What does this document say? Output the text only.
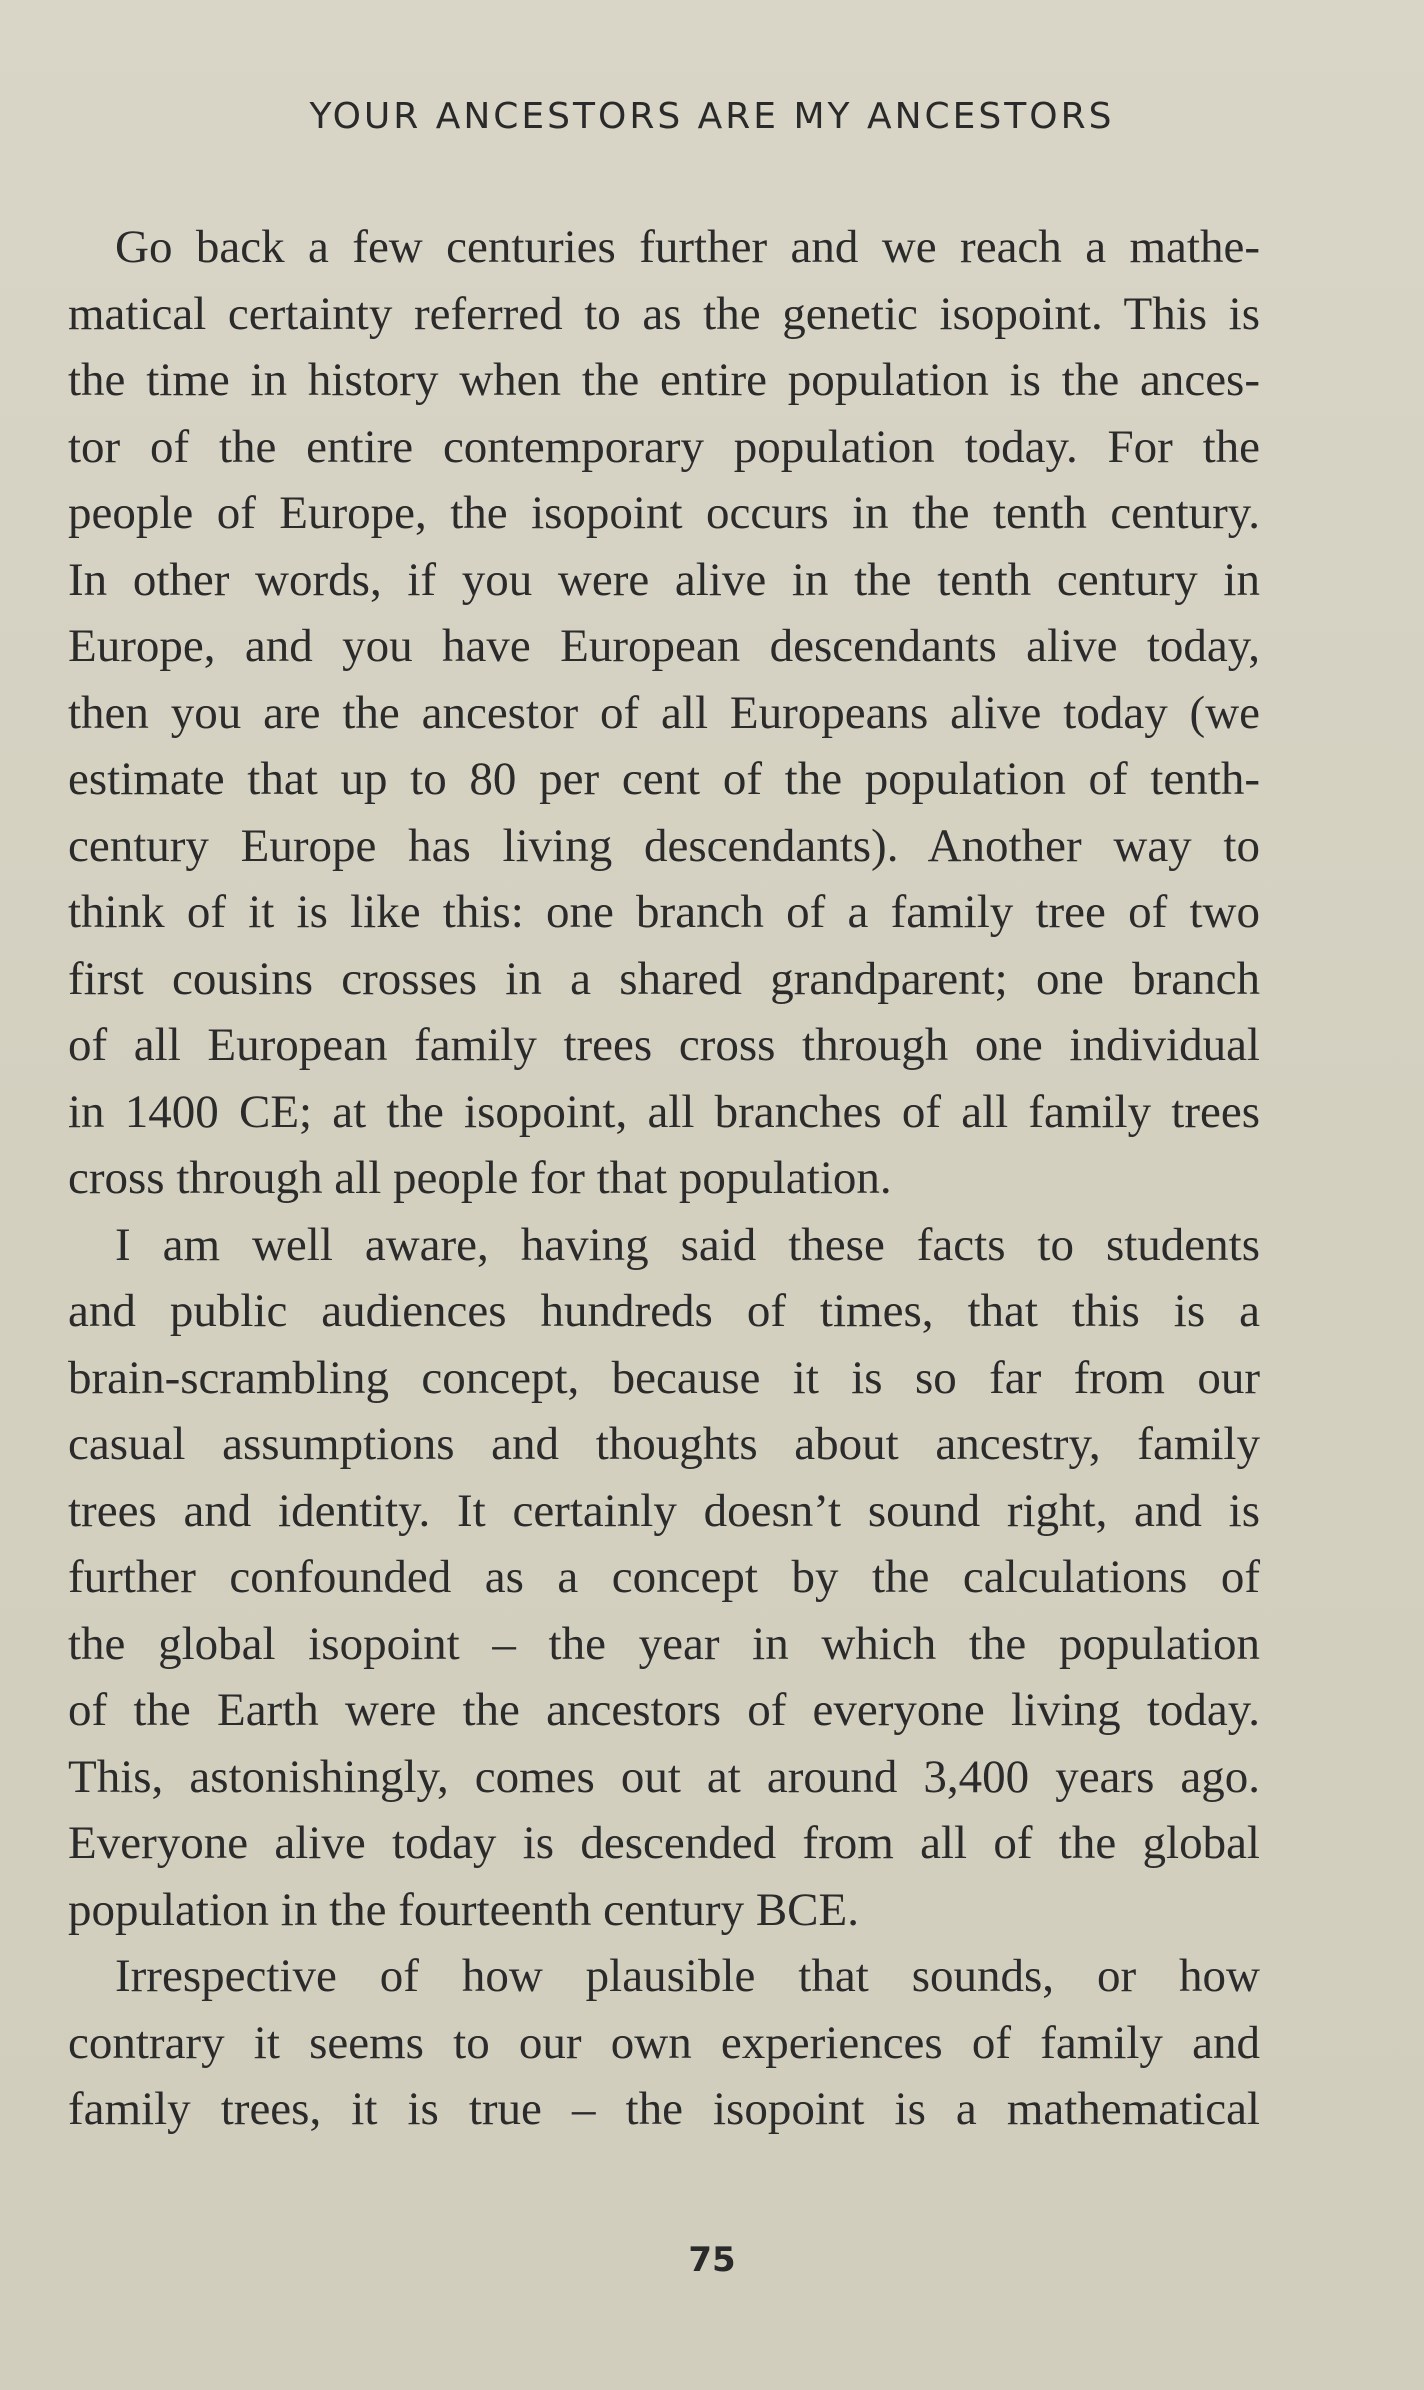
YOUR ANCESTORS ARE MY ANCESTORS
 Go back a few centuries further and we reach a mathe-
matical certainty referred to as the genetic isopoint. This is
the time in history when the entire population is the ances-
tor of the entire contemporary population today. For the
people of Europe, the isopoint occurs in the tenth century.
In other words, if you were alive in the tenth century in
Europe, and you have European descendants alive today,
then you are the ancestor of all Europeans alive today (we
estimate that up to 80 per cent of the population of tenth-
century Europe has living descendants). Another way to
think of it is like this: one branch of a family tree of two
first cousins crosses in a shared grandparent; one branch
of all European family trees cross through one individual
in 1400 CE; at the isopoint, all branches of all family trees
cross through all people for that population.
 I am well aware, having said these facts to students
and public audiences hundreds of times, that this is a
brain-scrambling concept, because it is so far from our
casual assumptions and thoughts about ancestry, family
trees and identity. It certainly doesn’t sound right, and is
further confounded as a concept by the calculations of
the global isopoint – the year in which the population
of the Earth were the ancestors of everyone living today.
This, astonishingly, comes out at around 3,400 years ago.
Everyone alive today is descended from all of the global
population in the fourteenth century BCE.
 Irrespective of how plausible that sounds, or how
contrary it seems to our own experiences of family and
family trees, it is true – the isopoint is a mathematical
75
